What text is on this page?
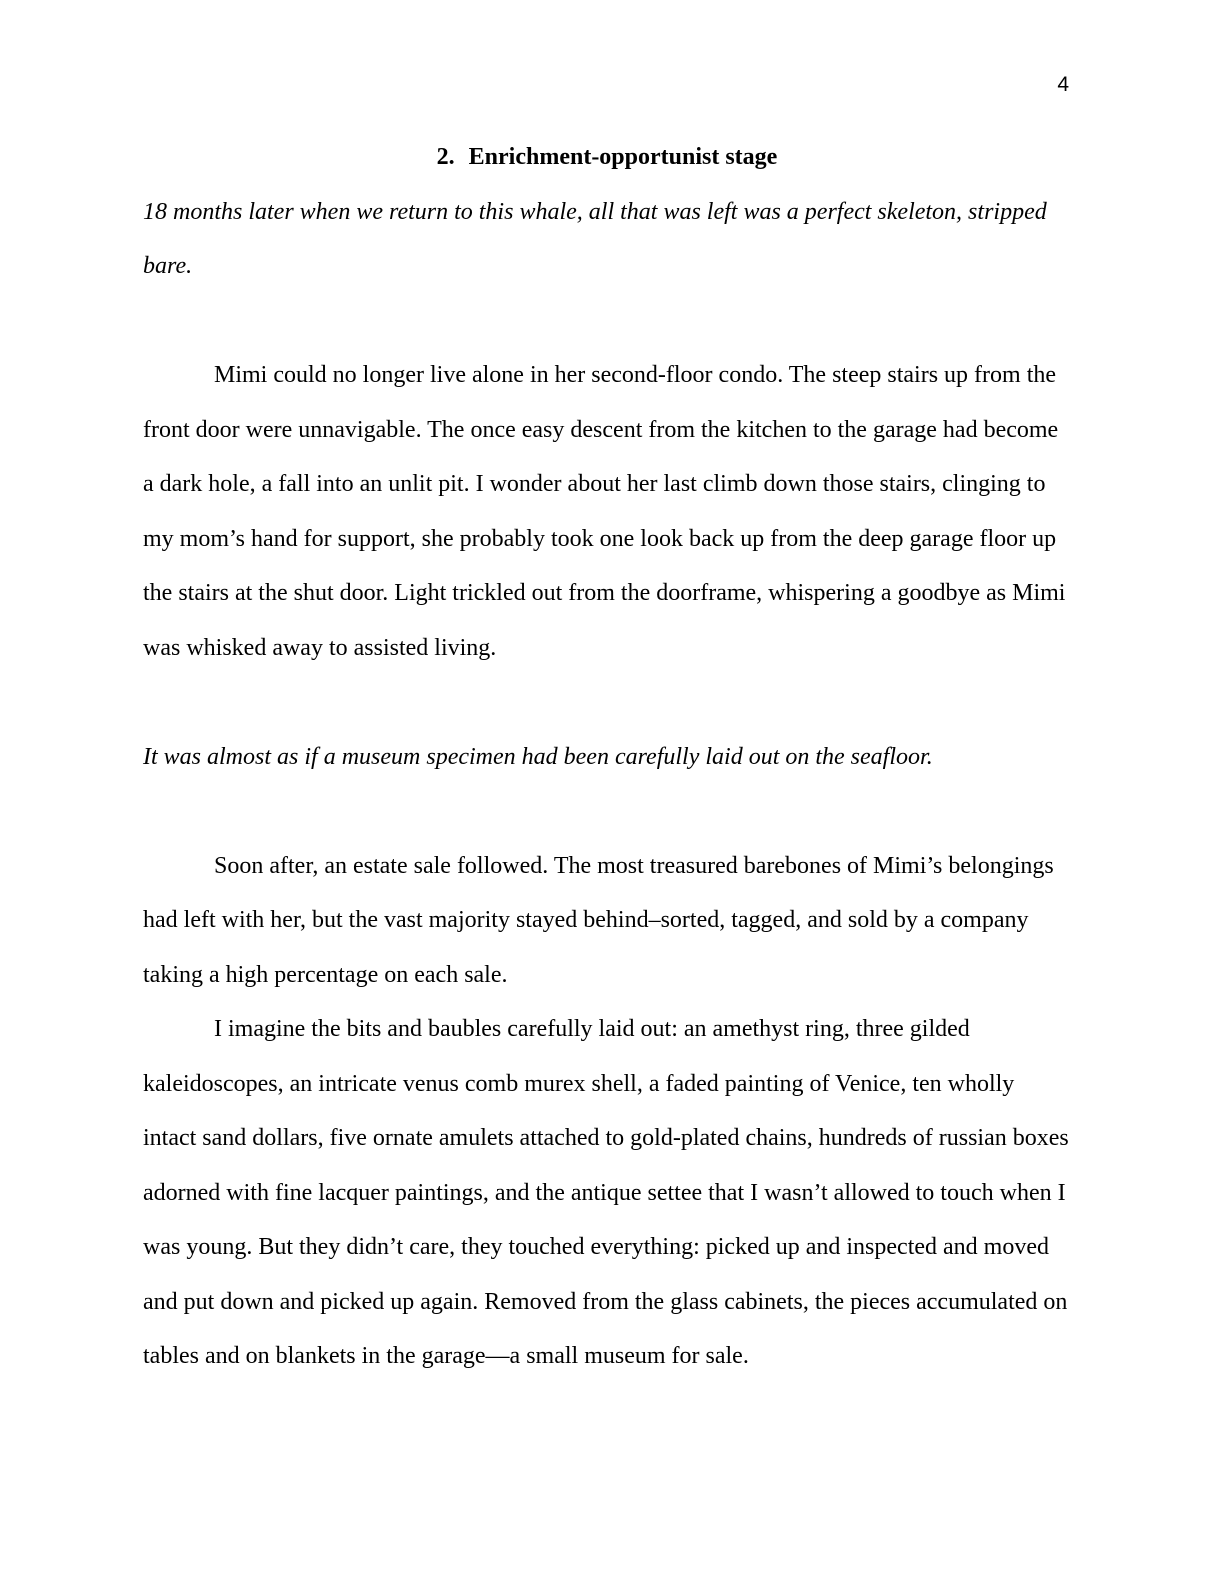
4
2. Enrichment-opportunist stage

18 months later when we return to this whale, all that was left was a perfect skeleton, stripped bare.

Mimi could no longer live alone in her second-floor condo. The steep stairs up from the front door were unnavigable. The once easy descent from the kitchen to the garage had become a dark hole, a fall into an unlit pit. I wonder about her last climb down those stairs, clinging to my mom’s hand for support, she probably took one look back up from the deep garage floor up the stairs at the shut door. Light trickled out from the doorframe, whispering a goodbye as Mimi was whisked away to assisted living.

It was almost as if a museum specimen had been carefully laid out on the seafloor.

Soon after, an estate sale followed. The most treasured barebones of Mimi’s belongings had left with her, but the vast majority stayed behind–sorted, tagged, and sold by a company taking a high percentage on each sale.

I imagine the bits and baubles carefully laid out: an amethyst ring, three gilded kaleidoscopes, an intricate venus comb murex shell, a faded painting of Venice, ten wholly intact sand dollars, five ornate amulets attached to gold-plated chains, hundreds of russian boxes adorned with fine lacquer paintings, and the antique settee that I wasn’t allowed to touch when I was young. But they didn’t care, they touched everything: picked up and inspected and moved and put down and picked up again. Removed from the glass cabinets, the pieces accumulated on tables and on blankets in the garage—a small museum for sale.
